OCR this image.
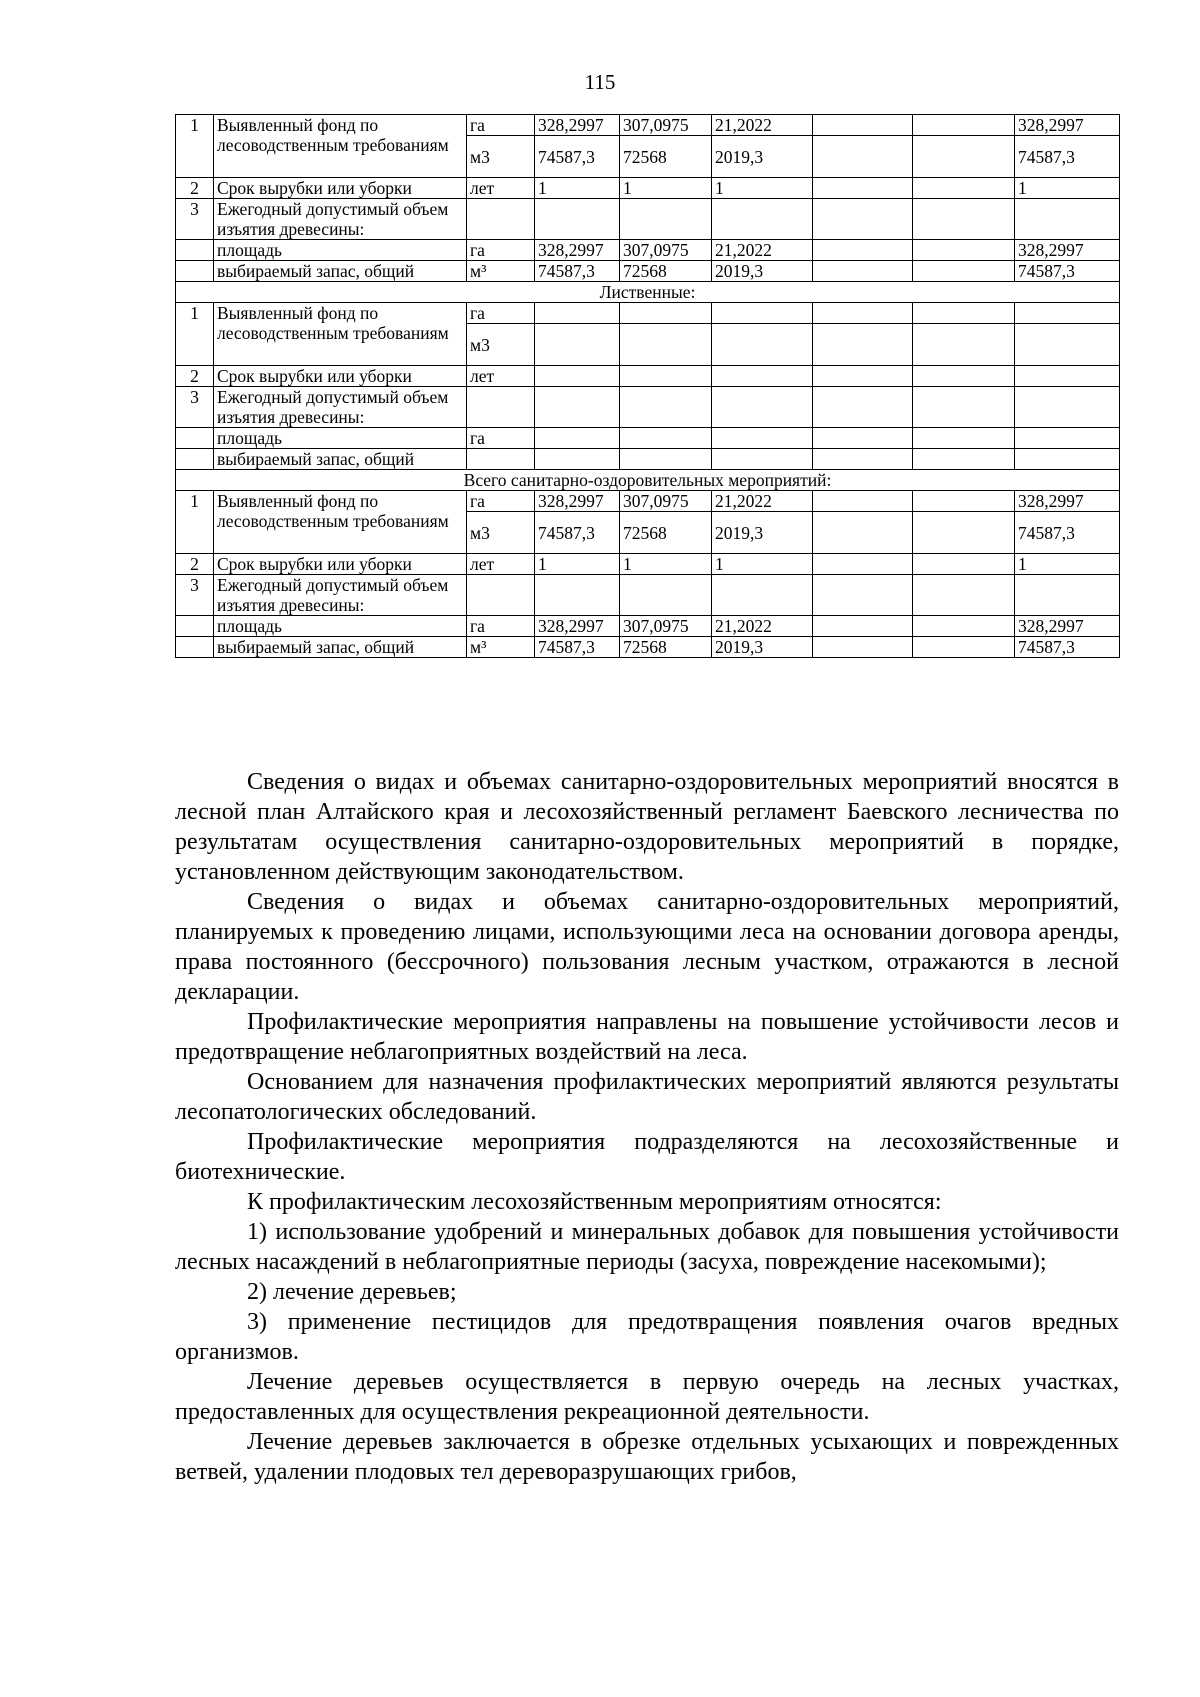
115
1	Выявленный фонд по лесоводственным требованиям	га	328,2997	307,0975	21,2022			328,2997
		м3	74587,3	72568	2019,3			74587,3
2	Срок вырубки или уборки	лет	1	1	1			1
3	Ежегодный допустимый объем изъятия древесины:							
	площадь	га	328,2997	307,0975	21,2022			328,2997
	выбираемый запас, общий	м³	74587,3	72568	2019,3			74587,3
Лиственные:								
1	Выявленный фонд по лесоводственным требованиям	га						
		м3						
2	Срок вырубки или уборки	лет						
3	Ежегодный допустимый объем изъятия древесины:							
	площадь	га						
	выбираемый запас, общий							
Всего санитарно-оздоровительных мероприятий:								
1	Выявленный фонд по лесоводственным требованиям	га	328,2997	307,0975	21,2022			328,2997
		м3	74587,3	72568	2019,3			74587,3
2	Срок вырубки или уборки	лет	1	1	1			1
3	Ежегодный допустимый объем изъятия древесины:							
	площадь	га	328,2997	307,0975	21,2022			328,2997
	выбираемый запас, общий	м³	74587,3	72568	2019,3			74587,3

Сведения о видах и объемах санитарно-оздоровительных мероприятий вносятся в лесной план Алтайского края и лесохозяйственный регламент Баевского лесничества по результатам осуществления санитарно-оздоровительных мероприятий в порядке, установленном действующим законодательством.

Сведения о видах и объемах санитарно-оздоровительных мероприятий, планируемых к проведению лицами, использующими леса на основании договора аренды, права постоянного (бессрочного) пользования лесным участком, отражаются в лесной декларации.

Профилактические мероприятия направлены на повышение устойчивости лесов и предотвращение неблагоприятных воздействий на леса.

Основанием для назначения профилактических мероприятий являются результаты лесопатологических обследований.

Профилактические мероприятия подразделяются на лесохозяйственные и биотехнические.

К профилактическим лесохозяйственным мероприятиям относятся:

1) использование удобрений и минеральных добавок для повышения устойчивости лесных насаждений в неблагоприятные периоды (засуха, повреждение насекомыми);

2) лечение деревьев;

3) применение пестицидов для предотвращения появления очагов вредных организмов.

Лечение деревьев осуществляется в первую очередь на лесных участках, предоставленных для осуществления рекреационной деятельности.

Лечение деревьев заключается в обрезке отдельных усыхающих и поврежденных ветвей, удалении плодовых тел дереворазрушающих грибов,
